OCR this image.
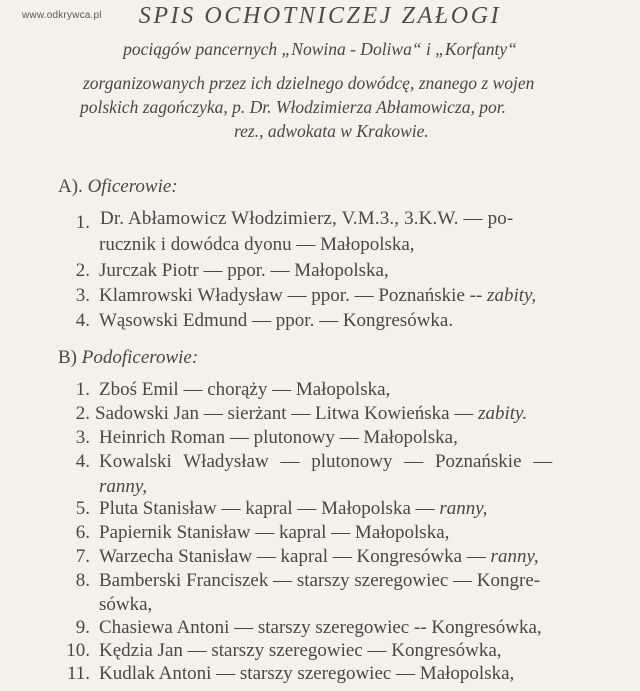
www.odkrywca.pl	SPIS OCHOTNICZEJ ZAŁOGI
pociągów pancernych „Nowina - Doliwa“ i „Korfanty“
zorganizowanych przez ich dzielnego dowódcę, znanego z wojen
polskich zagończyka, p. Dr. Włodzimierza Abłamowicza, por.
rez., adwokata w Krakowie.
A). Oficerowie:
1. Dr. Abłamowicz Włodzimierz, V.M.3., 3.K.W. — po-
rucznik i dowódca dyonu — Małopolska,
2. Jurczak Piotr — ppor. — Małopolska,
3. Klamrowski Władysław — ppor. — Poznańskie -- zabity,
4. Wąsowski Edmund — ppor. — Kongresówka.
B) Podoficerowie:
1. Zboś Emil — chorąży — Małopolska,
2. Sadowski Jan — sierżant — Litwa Kowieńska — zabity.
3. Heinrich Roman — plutonowy — Małopolska,
4. Kowalski Władysław — plutonowy — Poznańskie —
ranny,
5. Pluta Stanisław — kapral — Małopolska — ranny,
6. Papiernik Stanisław — kapral — Małopolska,
7. Warzecha Stanisław — kapral — Kongresówka — ranny,
8. Bamberski Franciszek — starszy szeregowiec — Kongre-
sówka,
9. Chasiewa Antoni — starszy szeregowiec -- Kongresówka,
10. Kędzia Jan — starszy szeregowiec — Kongresówka,
11. Kudlak Antoni — starszy szeregowiec — Małopolska,
